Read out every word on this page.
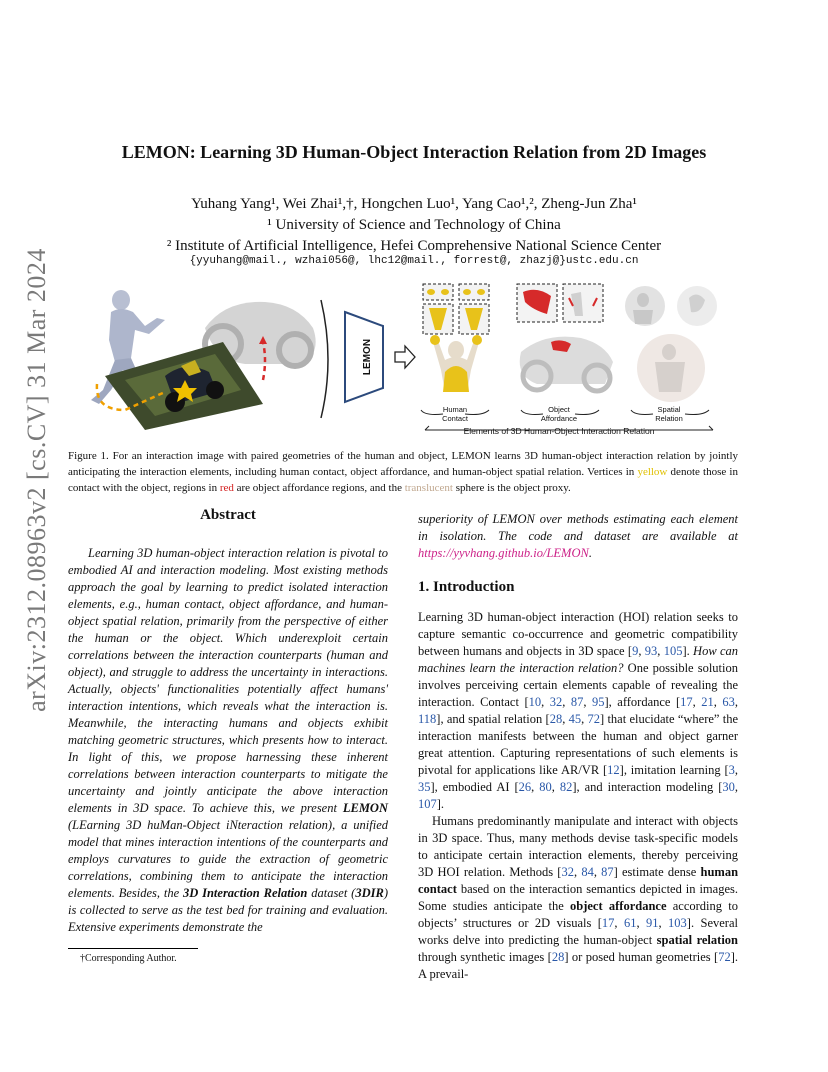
arXiv:2312.08963v2 [cs.CV] 31 Mar 2024
LEMON: Learning 3D Human-Object Interaction Relation from 2D Images
Yuhang Yang¹, Wei Zhai¹,†, Hongchen Luo¹, Yang Cao¹,², Zheng-Jun Zha¹
¹ University of Science and Technology of China
² Institute of Artificial Intelligence, Hefei Comprehensive National Science Center
{yyuhang@mail., wzhai056@, lhc12@mail., forrest@, zhazj@}ustc.edu.cn
LEMON
Human
Contact
Object
Affordance
Spatial
Relation
Elements of 3D Human-Object Interaction Relation
Figure 1. For an interaction image with paired geometries of the human and object, LEMON learns 3D human-object interaction relation by jointly anticipating the interaction elements, including human contact, object affordance, and human-object spatial relation. Vertices in yellow denote those in contact with the object, regions in red are object affordance regions, and the translucent sphere is the object proxy.
Abstract
Learning 3D human-object interaction relation is pivotal to embodied AI and interaction modeling. Most existing methods approach the goal by learning to predict isolated interaction elements, e.g., human contact, object affordance, and human-object spatial relation, primarily from the perspective of either the human or the object. Which underexploit certain correlations between the interaction counterparts (human and object), and struggle to address the uncertainty in interactions. Actually, objects' functionalities potentially affect humans' interaction intentions, which reveals what the interaction is. Meanwhile, the interacting humans and objects exhibit matching geometric structures, which presents how to interact. In light of this, we propose harnessing these inherent correlations between interaction counterparts to mitigate the uncertainty and jointly anticipate the above interaction elements in 3D space. To achieve this, we present LEMON (LEarning 3D huMan-Object iNteraction relation), a unified model that mines interaction intentions of the counterparts and employs curvatures to guide the extraction of geometric correlations, combining them to anticipate the interaction elements. Besides, the 3D Interaction Relation dataset (3DIR) is collected to serve as the test bed for training and evaluation. Extensive experiments demonstrate the
†Corresponding Author.
superiority of LEMON over methods estimating each element in isolation. The code and dataset are available at https://yyvhang.github.io/LEMON.
1. Introduction

Learning 3D human-object interaction (HOI) relation seeks to capture semantic co-occurrence and geometric compatibility between humans and objects in 3D space [9, 93, 105]. How can machines learn the interaction relation? One possible solution involves perceiving certain elements capable of revealing the interaction. Contact [10, 32, 87, 95], affordance [17, 21, 63, 118], and spatial relation [28, 45, 72] that elucidate “where” the interaction manifests between the human and object garner great attention. Capturing representations of such elements is pivotal for applications like AR/VR [12], imitation learning [3, 35], embodied AI [26, 80, 82], and interaction modeling [30, 107].

Humans predominantly manipulate and interact with objects in 3D space. Thus, many methods devise task-specific models to anticipate certain interaction elements, thereby perceiving 3D HOI relation. Methods [32, 84, 87] estimate dense human contact based on the interaction semantics depicted in images. Some studies anticipate the object affordance according to objects’ structures or 2D visuals [17, 61, 91, 103]. Several works delve into predicting the human-object spatial relation through synthetic images [28] or posed human geometries [72]. A prevail-
